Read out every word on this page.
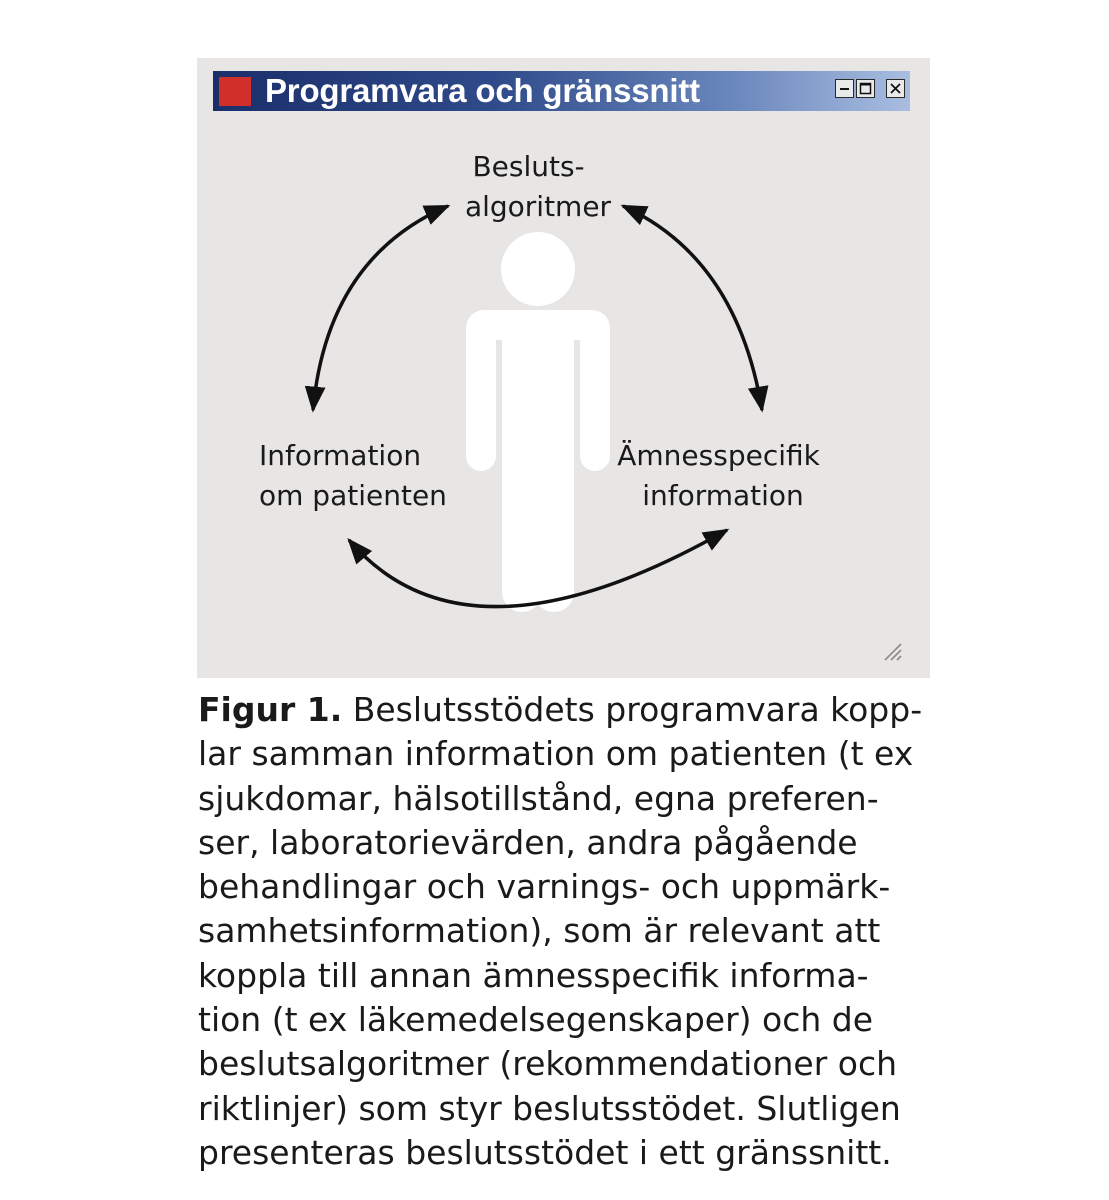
Programvara och gränssnitt
Besluts- algoritmer
Information om patienten
Ämnesspecifik information
Figur 1. Beslutsstödets programvara kopp-
lar samman information om patienten (t ex
sjukdomar, hälsotillstånd, egna preferen-
ser, laboratorievärden, andra pågående
behandlingar och varnings- och uppmärk-
samhetsinformation), som är relevant att
koppla till annan ämnesspecifik informa-
tion (t ex läkemedelsegenskaper) och de
beslutsalgoritmer (rekommendationer och
riktlinjer) som styr beslutsstödet. Slutligen
presenteras beslutsstödet i ett gränssnitt.
